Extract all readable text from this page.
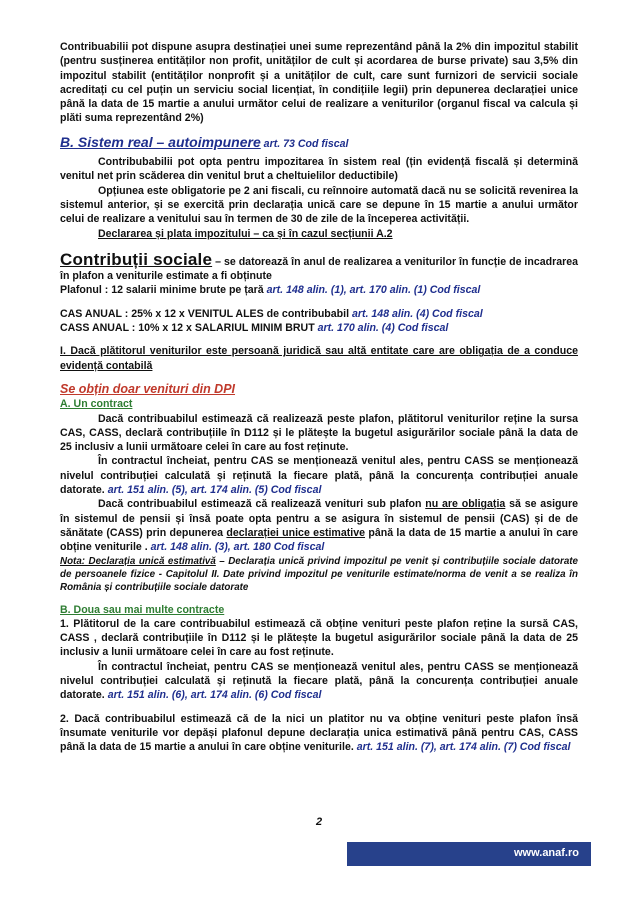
Contribuabilii pot dispune asupra destinației unei sume reprezentând până la 2% din impozitul stabilit (pentru susținerea entităților non profit, unităților de cult și acordarea de burse private) sau 3,5% din impozitul stabilit (entităților nonprofit și a unităților de cult, care sunt furnizori de servicii sociale acreditați cu cel puțin un serviciu social licențiat, în condițiile legii) prin depunerea declarației unice până la data de 15 martie a anului următor celui de realizare a veniturilor (organul fiscal va calcula și plăti suma reprezentând 2%)

B. Sistem real – autoimpunere art. 73 Cod fiscal

Contribubabilii pot opta pentru impozitarea în sistem real (țin evidență fiscală și determină venitul net prin scăderea din venitul brut a cheltuielilor deductibile)

Opțiunea este obligatorie pe 2 ani fiscali, cu reînnoire automată dacă nu se solicită revenirea la sistemul anterior, și se exercită prin declarația unică care se depune în 15 martie a anului următor celui de realizare a venitului sau în termen de 30 de zile de la începerea activității.

Declararea și plata impozitului – ca și în cazul secțiunii A.2

Contribuții sociale – se datorează în anul de realizarea a veniturilor în funcție de incadrarea în plafon a veniturile estimate a fi obținute

Plafonul : 12 salarii minime brute pe țară art. 148 alin. (1), art. 170 alin. (1) Cod fiscal

CAS ANUAL : 25% x 12 x VENITUL ALES de contribubabil art. 148 alin. (4) Cod fiscal

CASS ANUAL : 10% x 12 x SALARIUL MINIM BRUT art. 170 alin. (4) Cod fiscal

I. Dacă plătitorul veniturilor este persoană juridică sau altă entitate care are obligația de a conduce evidență contabilă

Se obțin doar venituri din DPI

A. Un contract

Dacă contribuabilul estimează că realizează peste plafon, plătitorul veniturilor reține la sursa CAS, CASS, declară contribuțiile în D112 și le plătește la bugetul asigurărilor sociale până la data de 25 inclusiv a lunii următoare celei în care au fost reținute.

În contractul încheiat, pentru CAS se menționează venitul ales, pentru CASS se menționează nivelul contribuției calculată și reținută la fiecare plată, până la concurența contribuției anuale datorate. art. 151 alin. (5), art. 174 alin. (5) Cod fiscal

Dacă contribuabilul estimează că realizează venituri sub plafon nu are obligația să se asigure în sistemul de pensii și însă poate opta pentru a se asigura în sistemul de pensii (CAS) și de de sănătate (CASS) prin depunerea declarației unice estimative până la data de 15 martie a anului în care obține veniturile . art. 148 alin. (3), art. 180 Cod fiscal

Nota: Declarația unică estimativă – Declarația unică privind impozitul pe venit și contribuțiile sociale datorate de persoanele fizice - Capitolul II. Date privind impozitul pe veniturile estimate/norma de venit a se realiza în România și contribuțiile sociale datorate

B. Doua sau mai multe contracte

1. Plătitorul de la care contribuabilul estimează că obține venituri peste plafon reține la sursă CAS, CASS , declară contribuțiile în D112 și le plătește la bugetul asigurărilor sociale până la data de 25 inclusiv a lunii următoare celei în care au fost reținute.

În contractul încheiat, pentru CAS se menționează venitul ales, pentru CASS se menționează nivelul contribuției calculată și reținută la fiecare plată, până la concurența contribuției anuale datorate. art. 151 alin. (6), art. 174 alin. (6) Cod fiscal

2. Dacă contribuabilul estimează că de la nici un platitor nu va obține venituri peste plafon însă însumate veniturile vor depăși plafonul depune declarația unica estimativă până pentru CAS, CASS până la data de 15 martie a anului în care obține veniturile. art. 151 alin. (7), art. 174 alin. (7) Cod fiscal

2
www.anaf.ro
